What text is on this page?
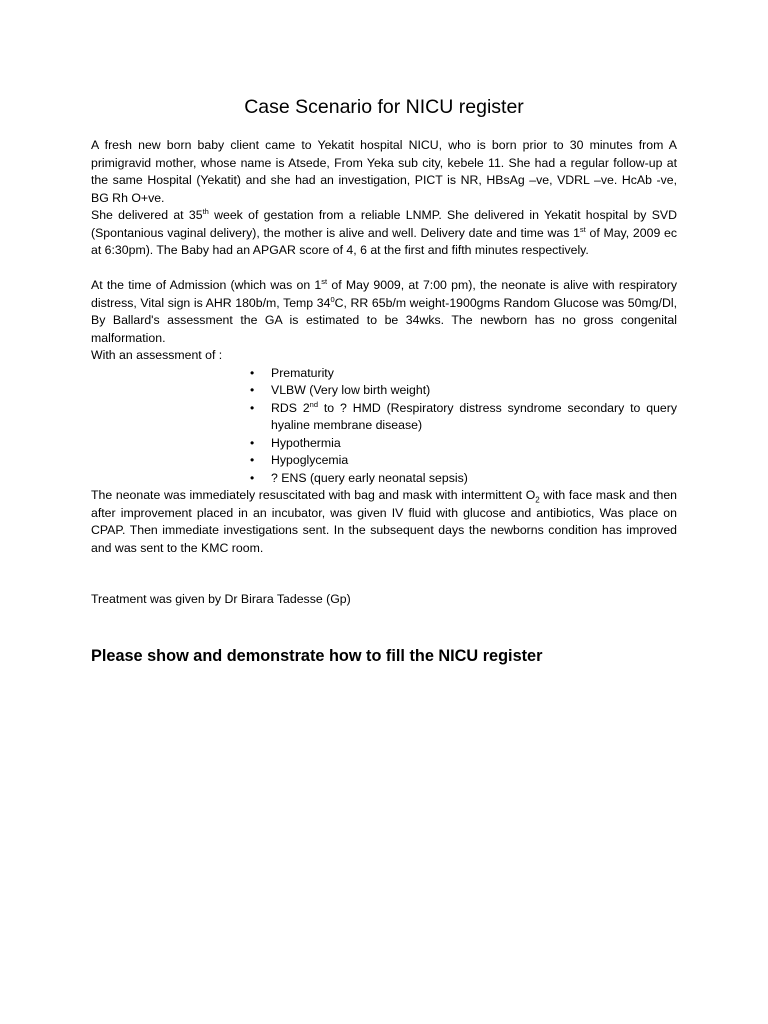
Case Scenario for NICU register

A fresh new born baby client came to Yekatit hospital NICU, who is born prior to 30 minutes from A primigravid mother, whose name is Atsede, From Yeka sub city, kebele 11. She had a regular follow-up at the same Hospital (Yekatit) and she had an investigation, PICT is NR, HBsAg –ve, VDRL –ve. HcAb -ve, BG Rh O+ve.

She delivered at 35th week of gestation from a reliable LNMP. She delivered in Yekatit hospital by SVD (Spontanious vaginal delivery), the mother is alive and well. Delivery date and time was 1st of May, 2009 ec at 6:30pm). The Baby had an APGAR score of 4, 6 at the first and fifth minutes respectively.

At the time of Admission (which was on 1st of May 9009, at 7:00 pm), the neonate is alive with respiratory distress, Vital sign is AHR 180b/m, Temp $34^0C$, RR 65b/m weight-1900gms Random Glucose was 50mg/Dl, By Ballard's assessment the GA is estimated to be 34wks. The newborn has no gross congenital malformation.

With an assessment of :

• Prematurity
• VLBW (Very low birth weight)
• RDS 2nd to ? HMD (Respiratory distress syndrome secondary to query hyaline membrane disease)
• Hypothermia
• Hypoglycemia
• ? ENS (query early neonatal sepsis)

The neonate was immediately resuscitated with bag and mask with intermittent $O_2$ with face mask and then after improvement placed in an incubator, was given IV fluid with glucose and antibiotics, Was place on CPAP. Then immediate investigations sent. In the subsequent days the newborns condition has improved and was sent to the KMC room.

Treatment was given by Dr Birara Tadesse (Gp)
Please show and demonstrate how to fill the NICU register
